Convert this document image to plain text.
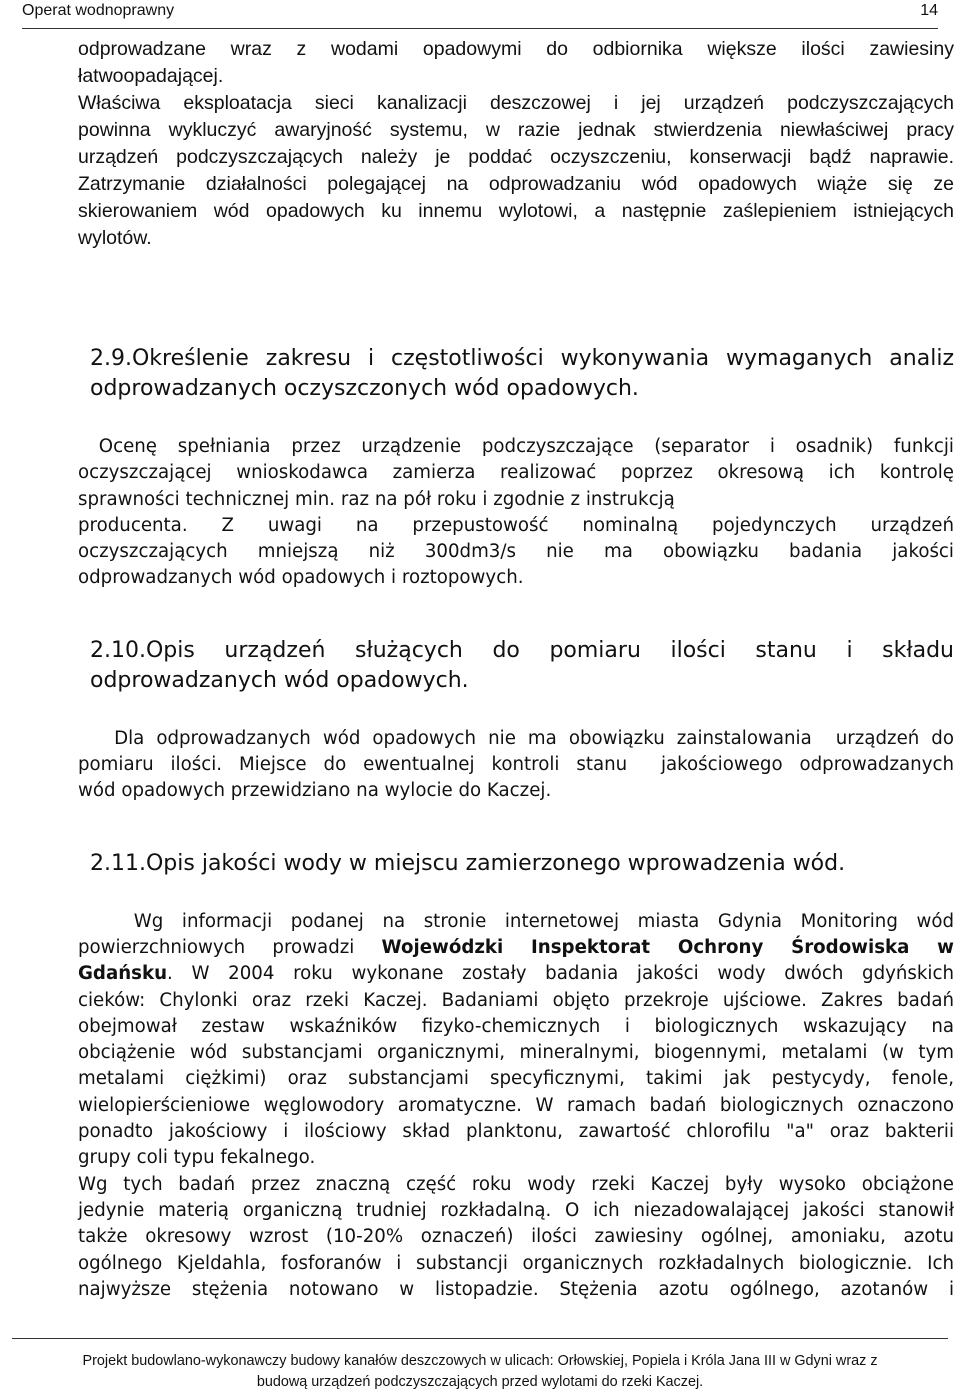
Operat wodnoprawny	14
odprowadzane wraz z wodami opadowymi do odbiornika większe ilości zawiesiny
łatwoopadającej.
Właściwa eksploatacja sieci kanalizacji deszczowej i jej urządzeń podczyszczających
powinna wykluczyć awaryjność systemu, w razie jednak stwierdzenia niewłaściwej pracy
urządzeń podczyszczających należy je poddać oczyszczeniu, konserwacji bądź naprawie.
Zatrzymanie działalności polegającej na odprowadzaniu wód opadowych wiąże się ze
skierowaniem wód opadowych ku innemu wylotowi, a następnie zaślepieniem istniejących
wylotów.
2.9.Określenie zakresu i częstotliwości wykonywania wymaganych analiz
odprowadzanych oczyszczonych wód opadowych.
Ocenę spełniania przez urządzenie podczyszczające (separator i osadnik) funkcji
oczyszczającej wnioskodawca zamierza realizować poprzez okresową ich kontrolę
sprawności technicznej min. raz na pół roku i zgodnie z instrukcją
producenta. Z uwagi na przepustowość nominalną pojedynczych urządzeń
oczyszczających mniejszą niż 300dm3/s nie ma obowiązku badania jakości
odprowadzanych wód opadowych i roztopowych.
2.10.Opis urządzeń służących do pomiaru ilości stanu i składu
odprowadzanych wód opadowych.
Dla odprowadzanych wód opadowych nie ma obowiązku zainstalowania  urządzeń do
pomiaru ilości. Miejsce do ewentualnej kontroli stanu  jakościowego odprowadzanych
wód opadowych przewidziano na wylocie do Kaczej.
2.11.Opis jakości wody w miejscu zamierzonego wprowadzenia wód.
Wg informacji podanej na stronie internetowej miasta Gdynia Monitoring wód
powierzchniowych prowadzi Wojewódzki Inspektorat Ochrony Środowiska w
Gdańsku. W 2004 roku wykonane zostały badania jakości wody dwóch gdyńskich
cieków: Chylonki oraz rzeki Kaczej. Badaniami objęto przekroje ujściowe. Zakres badań
obejmował zestaw wskaźników fizyko-chemicznych i biologicznych wskazujący na
obciążenie wód substancjami organicznymi, mineralnymi, biogennymi, metalami (w tym
metalami ciężkimi) oraz substancjami specyficznymi, takimi jak pestycydy, fenole,
wielopierścieniowe węglowodory aromatyczne. W ramach badań biologicznych oznaczono
ponadto jakościowy i ilościowy skład planktonu, zawartość chlorofilu "a" oraz bakterii
grupy coli typu fekalnego.
Wg tych badań przez znaczną część roku wody rzeki Kaczej były wysoko obciążone
jedynie materią organiczną trudniej rozkładalną. O ich niezadowalającej jakości stanowił
także okresowy wzrost (10-20% oznaczeń) ilości zawiesiny ogólnej, amoniaku, azotu
ogólnego Kjeldahla, fosforanów i substancji organicznych rozkładalnych biologicznie. Ich
najwyższe stężenia notowano w listopadzie. Stężenia azotu ogólnego, azotanów i
Projekt budowlano-wykonawczy budowy kanałów deszczowych w ulicach: Orłowskiej, Popiela i Króla Jana III w Gdyni wraz z
budową urządzeń podczyszczających przed wylotami do rzeki Kaczej.
